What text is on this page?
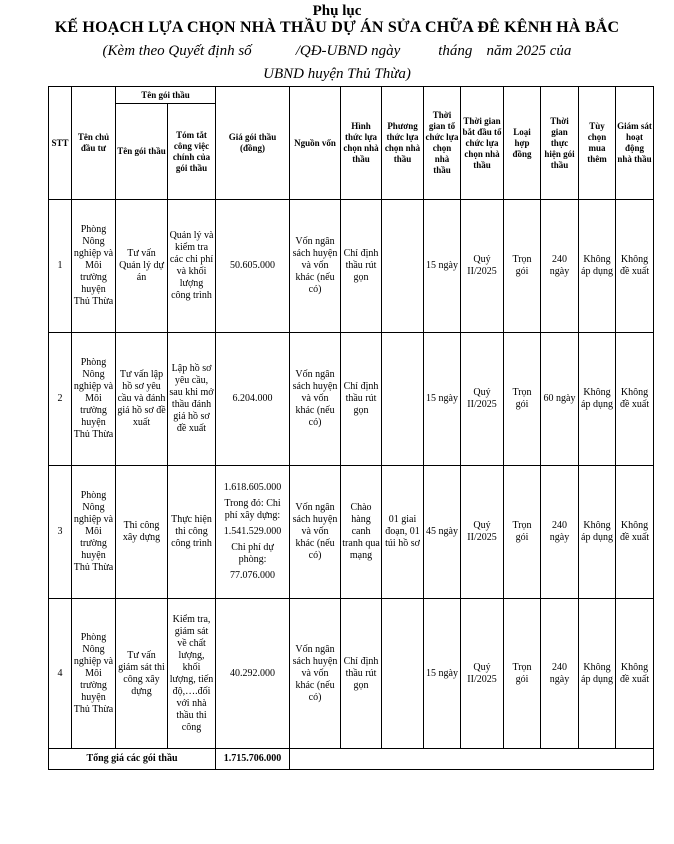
Phụ lục
KẾ HOẠCH LỰA CHỌN NHÀ THẦU DỰ ÁN SỬA CHỮA ĐÊ KÊNH HÀ BẮC
(Kèm theo Quyết định số	/QĐ-UBND ngày	tháng năm 2025 của
UBND huyện Thủ Thừa)
STT	Tên chủ đầu tư	Tên gói thầu		Giá gói thầu (đồng)	Nguồn vốn	Hình thức lựa chọn nhà thầu	Phương thức lựa chọn nhà thầu	Thời gian tổ chức lựa chọn nhà thầu	Thời gian bắt đầu tổ chức lựa chọn nhà thầu	Loại hợp đồng	Thời gian thực hiện gói thầu	Tùy chọn mua thêm	Giám sát hoạt động nhà thầu
		Tên gói thầu	Tóm tắt công việc chính của gói thầu										
1	Phòng Nông nghiệp và Môi trường huyện Thủ Thừa	Tư vấn Quản lý dự án	Quản lý và kiểm tra các chi phí và khối lượng công trình	50.605.000	Vốn ngân sách huyện và vốn khác (nếu có)	Chỉ định thầu rút gọn		15 ngày	Quý II/2025	Trọn gói	240 ngày	Không áp dụng	Không đề xuất
2	Phòng Nông nghiệp và Môi trường huyện Thủ Thừa	Tư vấn lập hồ sơ yêu cầu và đánh giá hồ sơ đề xuất	Lập hồ sơ yêu cầu, sau khi mở thầu đánh giá hồ sơ đề xuất	6.204.000	Vốn ngân sách huyện và vốn khác (nếu có)	Chỉ định thầu rút gọn		15 ngày	Quý II/2025	Trọn gói	60 ngày	Không áp dụng	Không đề xuất
3	Phòng Nông nghiệp và Môi trường huyện Thủ Thừa	Thi công xây dựng	Thực hiện thi công công trình	1.618.605.000
Trong đó: Chi phí xây dựng:
1.541.529.000
Chi phí dự phòng:
77.076.000	Vốn ngân sách huyện và vốn khác (nếu có)	Chào hàng canh tranh qua mạng	01 giai đoạn, 01 túi hồ sơ	45 ngày	Quý II/2025	Trọn gói	240 ngày	Không áp dụng	Không đề xuất
4	Phòng Nông nghiệp và Môi trường huyện Thủ Thừa	Tư vấn giám sát thi công xây dựng	Kiểm tra, giám sát về chất lượng, khối lượng, tiến độ,….đối với nhà thầu thi công	40.292.000	Vốn ngân sách huyện và vốn khác (nếu có)	Chỉ định thầu rút gọn		15 ngày	Quý II/2025	Trọn gói	240 ngày	Không áp dụng	Không đề xuất
Tổng giá các gói thầu				1.715.706.000									
